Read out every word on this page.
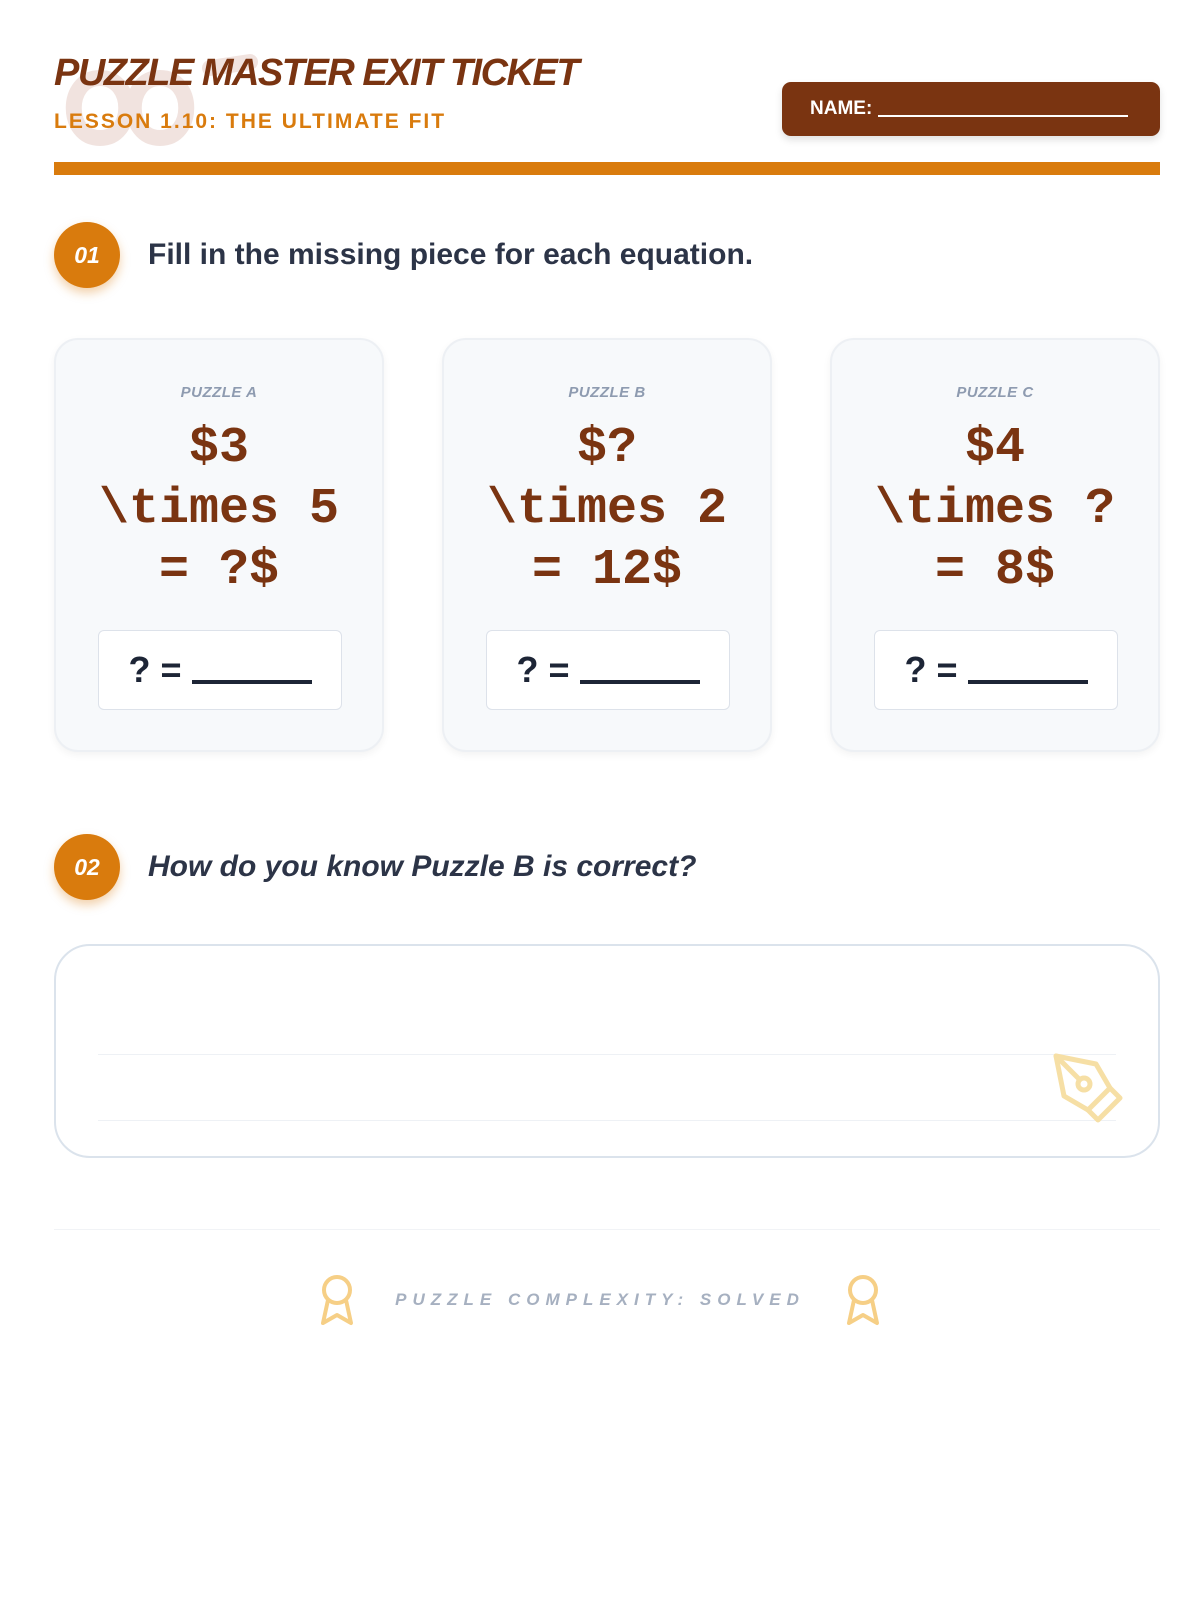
PUZZLE MASTER EXIT TICKET
LESSON 1.10: THE ULTIMATE FIT
NAME:
01	Fill in the missing piece for each equation.
PUZZLE A
$3
\times 5
= ?$
? =
PUZZLE B
$?
\times 2
= 12$
? =
PUZZLE C
$4
\times ?
= 8$
? =
02	How do you know Puzzle B is correct?
PUZZLE COMPLEXITY: SOLVED
